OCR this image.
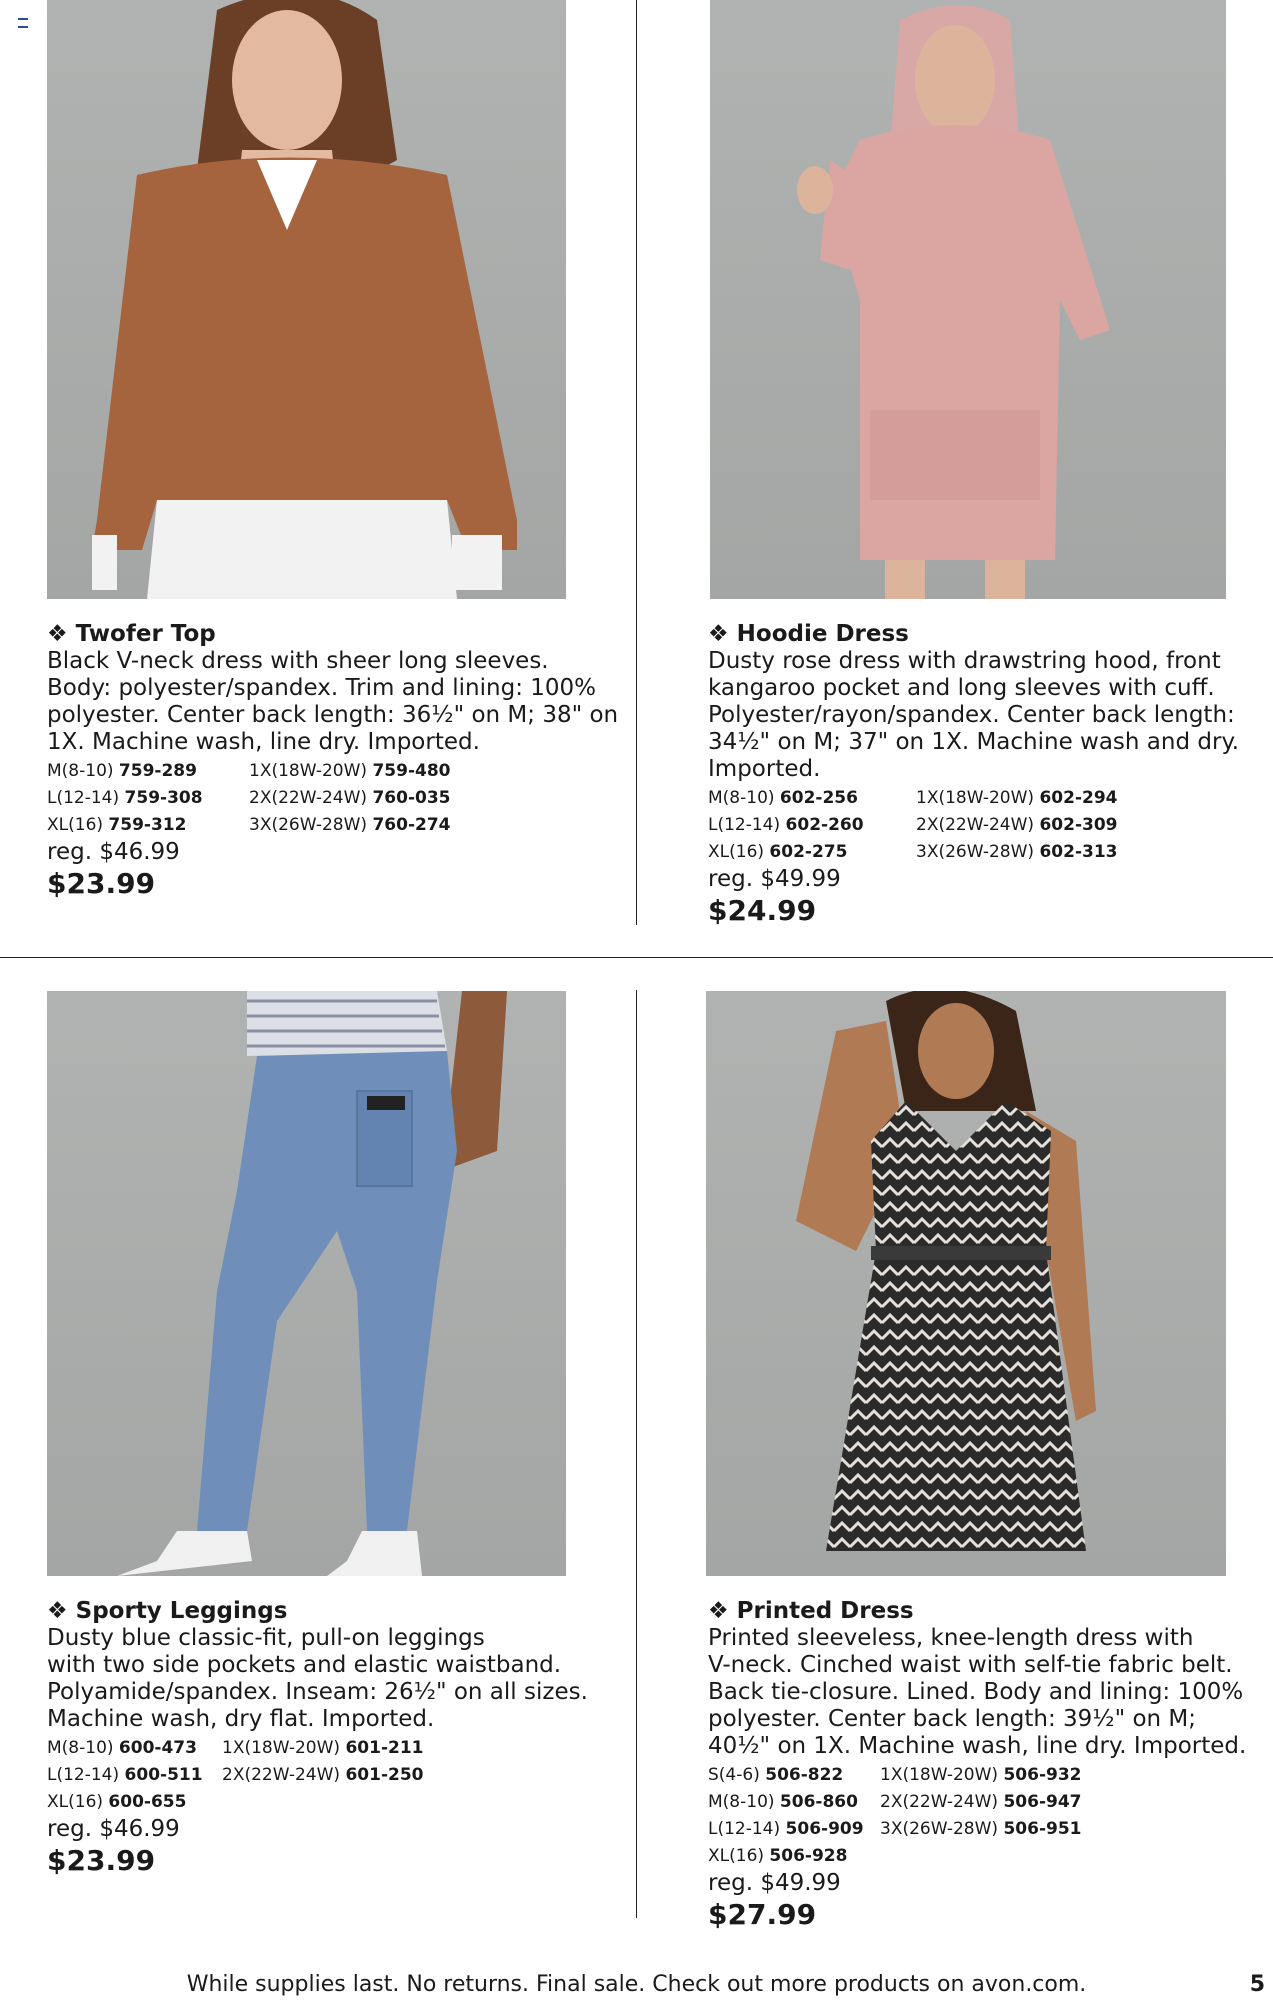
❖ Twofer Top

Black V-neck dress with sheer long sleeves.

Body: polyester/spandex. Trim and lining: 100%

polyester. Center back length: 36½" on M; 38" on

1X. Machine wash, line dry. Imported.

M(8-10) 759-289	1X(18W-20W) 759-480
L(12-14) 759-308	2X(22W-24W) 760-035
XL(16) 759-312	3X(26W-28W) 760-274

reg. $46.99

$23.99

❖ Hoodie Dress

Dusty rose dress with drawstring hood, front

kangaroo pocket and long sleeves with cuff.

Polyester/rayon/spandex. Center back length:

34½" on M; 37" on 1X. Machine wash and dry.

Imported.

M(8-10) 602-256	1X(18W-20W) 602-294
L(12-14) 602-260	2X(22W-24W) 602-309
XL(16) 602-275	3X(26W-28W) 602-313

reg. $49.99

$24.99

❖ Sporty Leggings

Dusty blue classic-fit, pull-on leggings

with two side pockets and elastic waistband.

Polyamide/spandex. Inseam: 26½" on all sizes.

Machine wash, dry flat. Imported.

M(8-10) 600-473	1X(18W-20W) 601-211
L(12-14) 600-511	2X(22W-24W) 601-250
XL(16) 600-655

reg. $46.99

$23.99

❖ Printed Dress

Printed sleeveless, knee-length dress with

V-neck. Cinched waist with self-tie fabric belt.

Back tie-closure. Lined. Body and lining: 100%

polyester. Center back length: 39½" on M;

40½" on 1X. Machine wash, line dry. Imported.

S(4-6) 506-822	1X(18W-20W) 506-932
M(8-10) 506-860	2X(22W-24W) 506-947
L(12-14) 506-909 3X(26W-28W) 506-951
XL(16) 506-928

reg. $49.99

$27.99

While supplies last. No returns. Final sale. Check out more products on avon.com.	5
